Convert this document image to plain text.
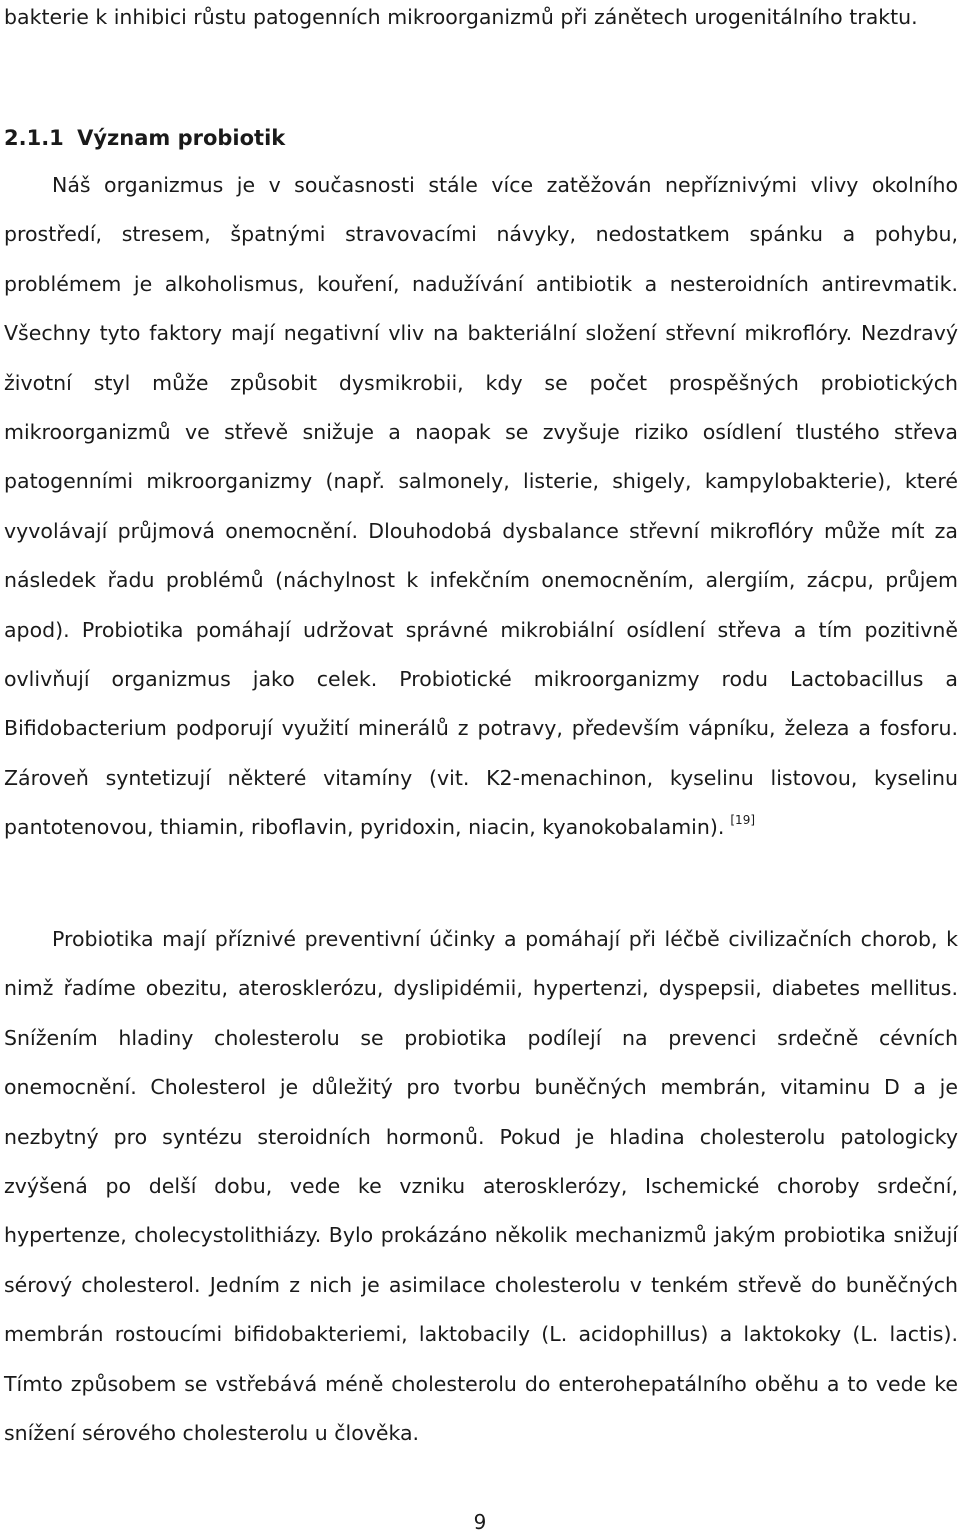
bakterie k inhibici růstu patogenních mikroorganizmů při zánětech urogenitálního traktu.
2.1.1 Význam probiotik
Náš organizmus je v současnosti stále více zatěžován nepříznivými vlivy okolního prostředí, stresem, špatnými stravovacími návyky, nedostatkem spánku a pohybu, problémem je alkoholismus, kouření, nadužívání antibiotik a nesteroidních antirevmatik. Všechny tyto faktory mají negativní vliv na bakteriální složení střevní mikroflóry. Nezdravý životní styl může způsobit dysmikrobii, kdy se počet prospěšných probiotických mikroorganizmů ve střevě snižuje a naopak se zvyšuje riziko osídlení tlustého střeva patogenními mikroorganizmy (např. salmonely, listerie, shigely, kampylobakterie), které vyvolávají průjmová onemocnění. Dlouhodobá dysbalance střevní mikroflóry může mít za následek řadu problémů (náchylnost k infekčním onemocněním, alergiím, zácpu, průjem apod). Probiotika pomáhají udržovat správné mikrobiální osídlení střeva a tím pozitivně ovlivňují organizmus jako celek. Probiotické mikroorganizmy rodu Lactobacillus a Bifidobacterium podporují využití minerálů z potravy, především vápníku, železa a fosforu. Zároveň syntetizují některé vitamíny (vit. K2-menachinon, kyselinu listovou, kyselinu pantotenovou, thiamin, riboflavin, pyridoxin, niacin, kyanokobalamin). [19]
Probiotika mají příznivé preventivní účinky a pomáhají při léčbě civilizačních chorob, k nimž řadíme obezitu, aterosklerózu, dyslipidémii, hypertenzi, dyspepsii, diabetes mellitus. Snížením hladiny cholesterolu se probiotika podílejí na prevenci srdečně cévních onemocnění. Cholesterol je důležitý pro tvorbu buněčných membrán, vitaminu D a je nezbytný pro syntézu steroidních hormonů. Pokud je hladina cholesterolu patologicky zvýšená po delší dobu, vede ke vzniku aterosklerózy, Ischemické choroby srdeční, hypertenze, cholecystolithiázy. Bylo prokázáno několik mechanizmů jakým probiotika snižují sérový cholesterol. Jedním z nich je asimilace cholesterolu v tenkém střevě do buněčných membrán rostoucími bifidobakteriemi, laktobacily (L. acidophillus) a laktokoky (L. lactis). Tímto způsobem se vstřebává méně cholesterolu do enterohepatálního oběhu a to vede ke snížení sérového cholesterolu u člověka.
9
